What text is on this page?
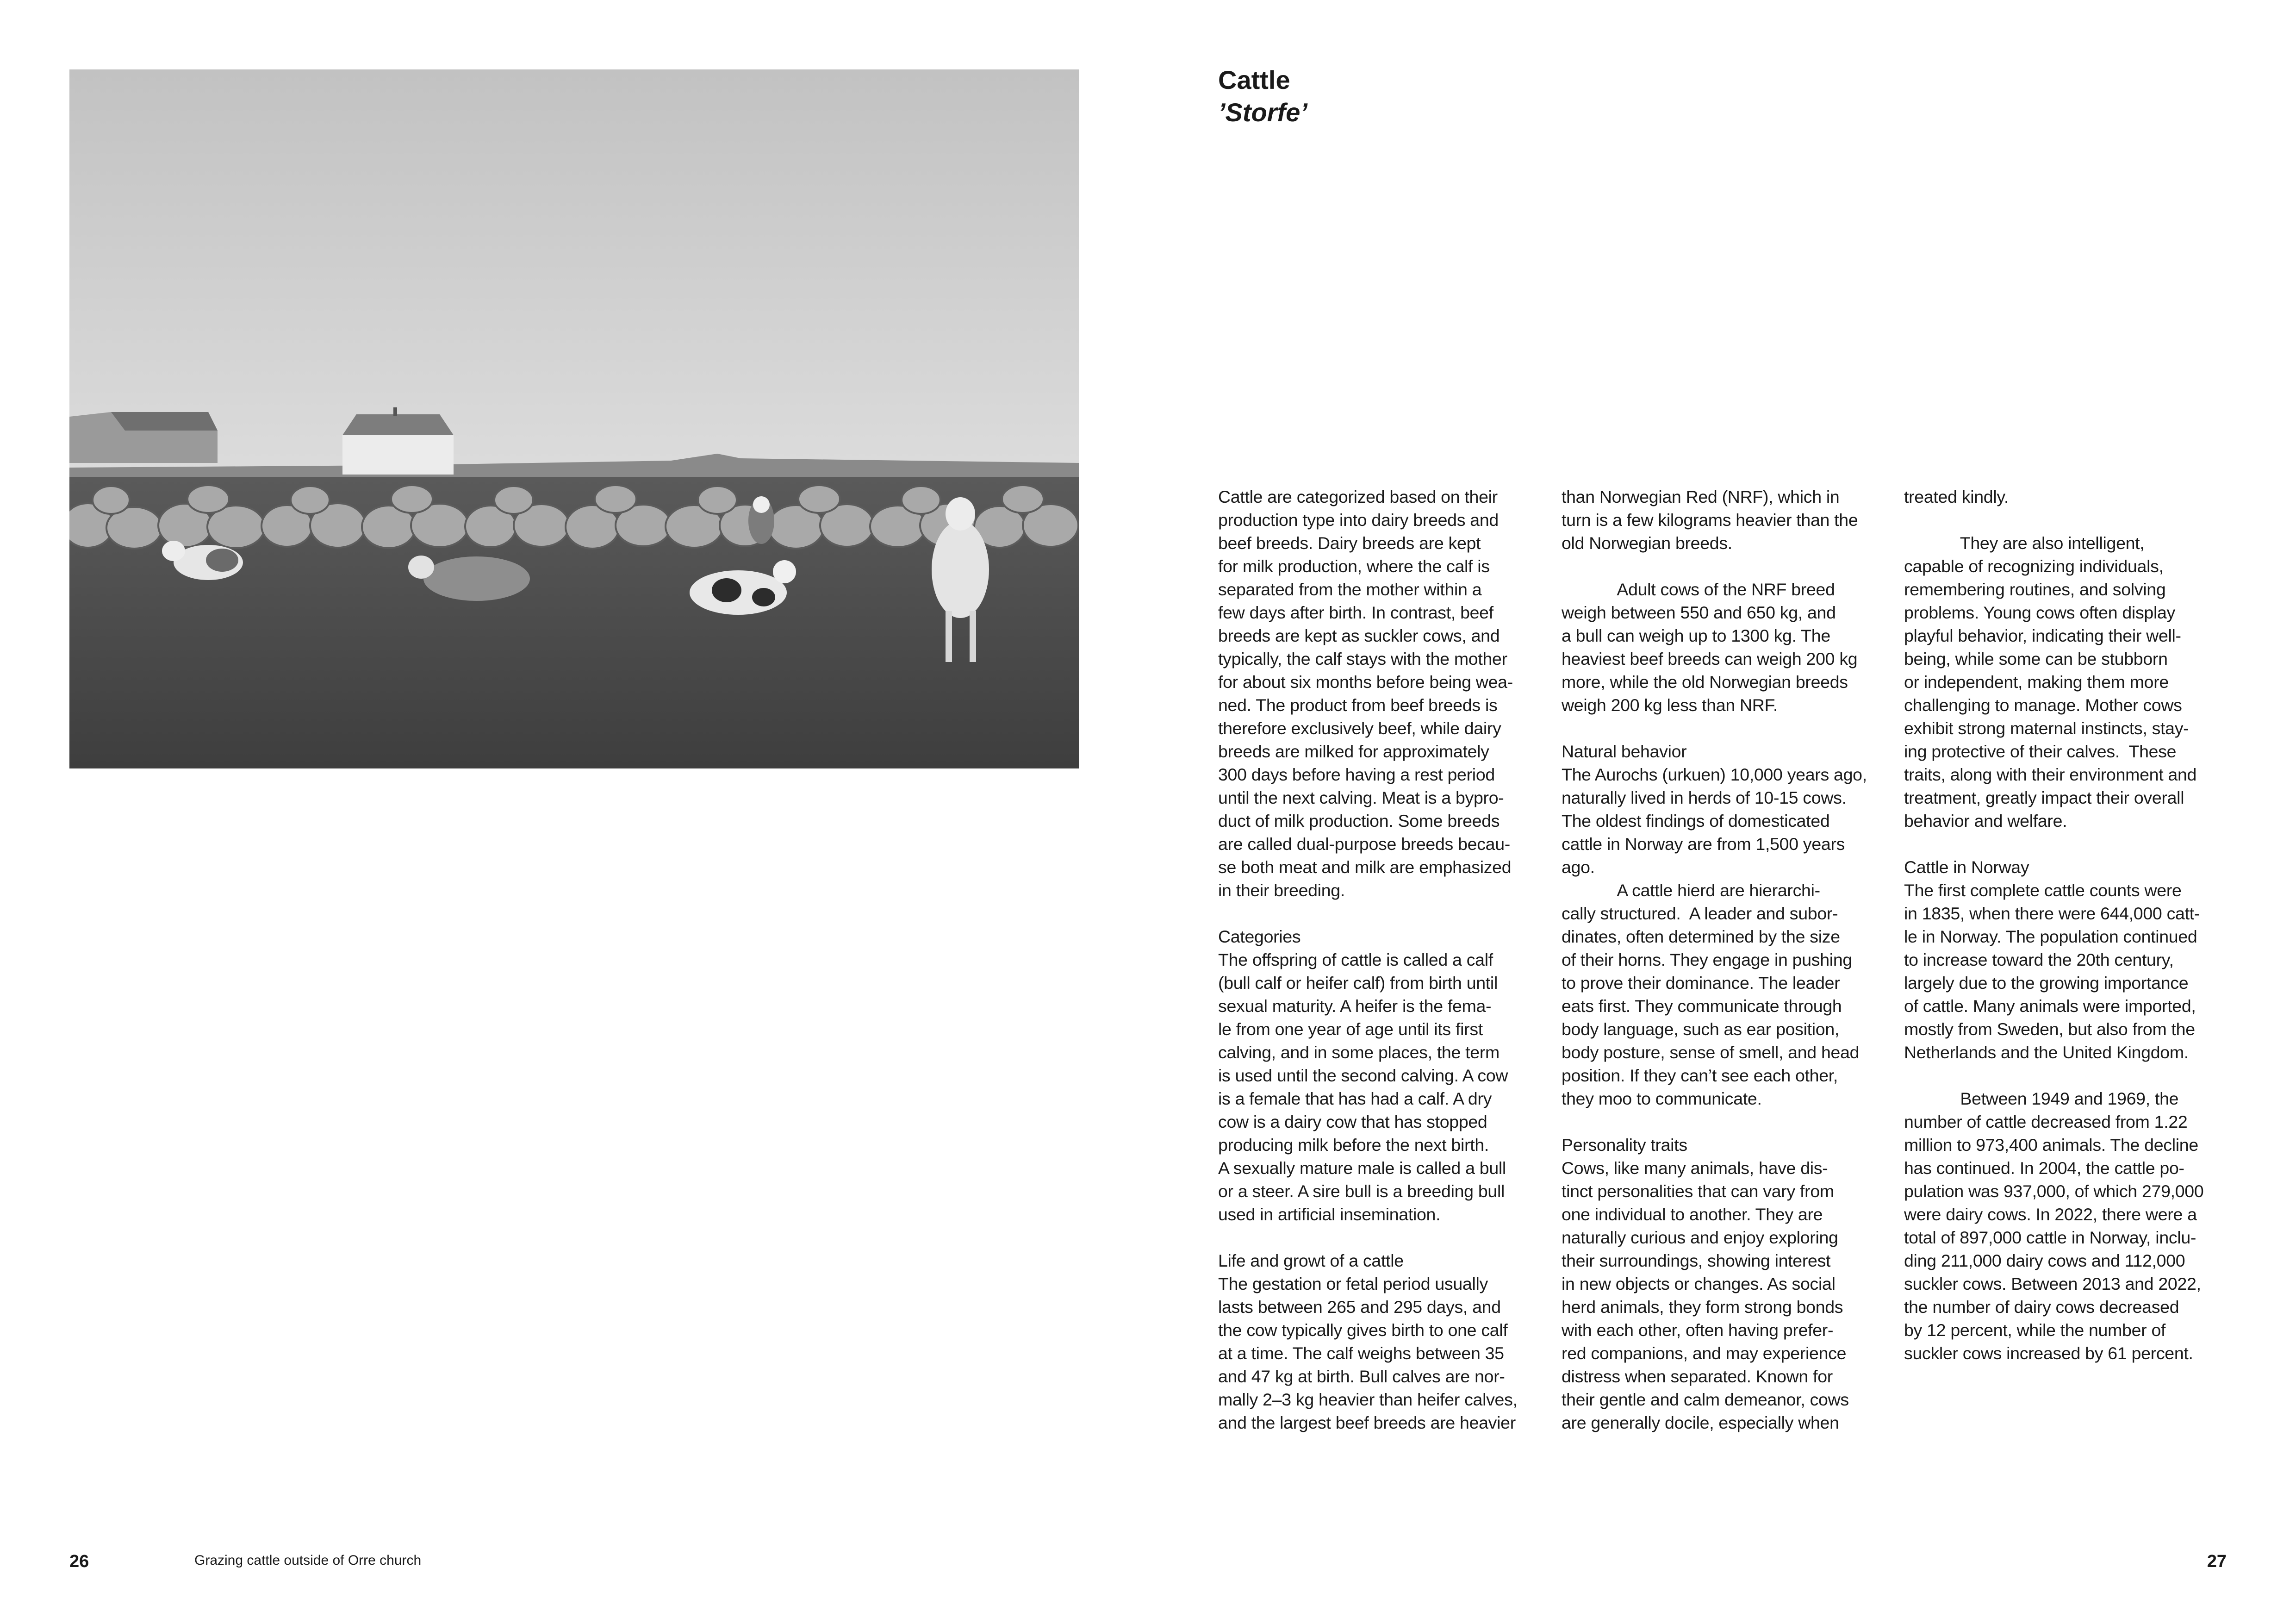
Cattle
’Storfe’
Cattle are categorized based on their
production type into dairy breeds and
beef breeds. Dairy breeds are kept
for milk production, where the calf is
separated from the mother within a
few days after birth. In contrast, beef
breeds are kept as suckler cows, and
typically, the calf stays with the mother
for about six months before being wea-
ned. The product from beef breeds is
therefore exclusively beef, while dairy
breeds are milked for approximately
300 days before having a rest period
until the next calving. Meat is a bypro-
duct of milk production. Some breeds
are called dual-purpose breeds becau-
se both meat and milk are emphasized
in their breeding.
Categories
The offspring of cattle is called a calf
(bull calf or heifer calf) from birth until
sexual maturity. A heifer is the fema-
le from one year of age until its first
calving, and in some places, the term
is used until the second calving. A cow
is a female that has had a calf. A dry
cow is a dairy cow that has stopped
producing milk before the next birth.
A sexually mature male is called a bull
or a steer. A sire bull is a breeding bull
used in artificial insemination.
Life and growt of a cattle
The gestation or fetal period usually
lasts between 265 and 295 days, and
the cow typically gives birth to one calf
at a time. The calf weighs between 35
and 47 kg at birth. Bull calves are nor-
mally 2–3 kg heavier than heifer calves,
and the largest beef breeds are heavier
than Norwegian Red (NRF), which in
turn is a few kilograms heavier than the
old Norwegian breeds.
Adult cows of the NRF breed
weigh between 550 and 650 kg, and
a bull can weigh up to 1300 kg. The
heaviest beef breeds can weigh 200 kg
more, while the old Norwegian breeds
weigh 200 kg less than NRF.
Natural behavior
The Aurochs (urkuen) 10,000 years ago,
naturally lived in herds of 10-15 cows.
The oldest findings of domesticated
cattle in Norway are from 1,500 years
ago.
A cattle hierd are hierarchi-
cally structured.  A leader and subor-
dinates, often determined by the size
of their horns. They engage in pushing
to prove their dominance. The leader
eats first. They communicate through
body language, such as ear position,
body posture, sense of smell, and head
position. If they can’t see each other,
they moo to communicate.
Personality traits
Cows, like many animals, have dis-
tinct personalities that can vary from
one individual to another. They are
naturally curious and enjoy exploring
their surroundings, showing interest
in new objects or changes. As social
herd animals, they form strong bonds
with each other, often having prefer-
red companions, and may experience
distress when separated. Known for
their gentle and calm demeanor, cows
are generally docile, especially when
treated kindly.
They are also intelligent,
capable of recognizing individuals,
remembering routines, and solving
problems. Young cows often display
playful behavior, indicating their well-
being, while some can be stubborn
or independent, making them more
challenging to manage. Mother cows
exhibit strong maternal instincts, stay-
ing protective of their calves.  These
traits, along with their environment and
treatment, greatly impact their overall
behavior and welfare.
Cattle in Norway
The first complete cattle counts were
in 1835, when there were 644,000 catt-
le in Norway. The population continued
to increase toward the 20th century,
largely due to the growing importance
of cattle. Many animals were imported,
mostly from Sweden, but also from the
Netherlands and the United Kingdom.
Between 1949 and 1969, the
number of cattle decreased from 1.22
million to 973,400 animals. The decline
has continued. In 2004, the cattle po-
pulation was 937,000, of which 279,000
were dairy cows. In 2022, there were a
total of 897,000 cattle in Norway, inclu-
ding 211,000 dairy cows and 112,000
suckler cows. Between 2013 and 2022,
the number of dairy cows decreased
by 12 percent, while the number of
suckler cows increased by 61 percent.
26	Grazing cattle outside of Orre church	27
